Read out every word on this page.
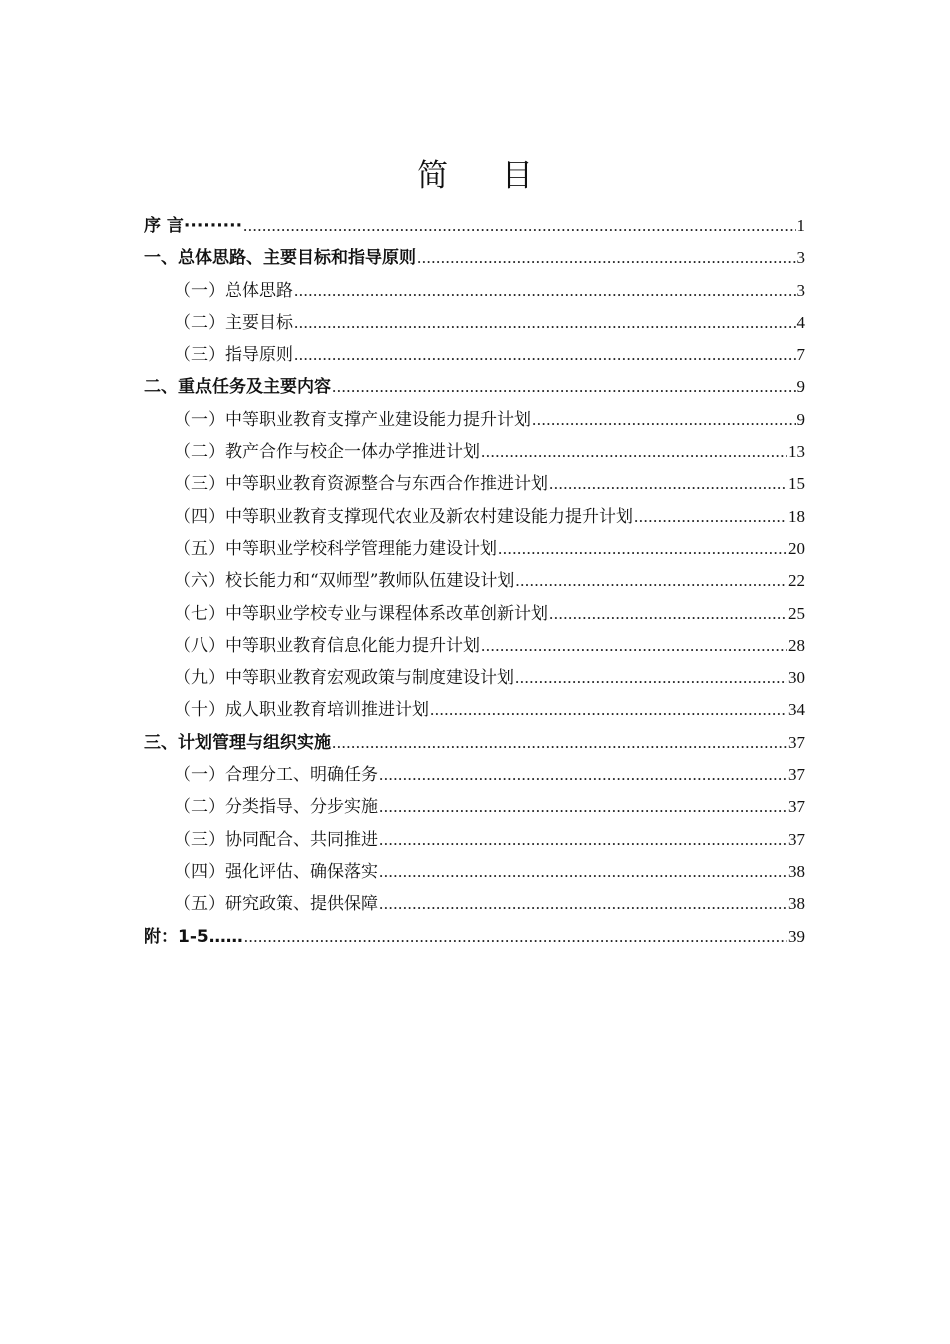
简 目
序 言········· .....	1
一、总体思路、主要目标和指导原则 .....	3
（一）总体思路 .....	3
（二）主要目标 .....	4
（三）指导原则 .....	7
二、重点任务及主要内容 .....	9
（一）中等职业教育支撑产业建设能力提升计划 .....	9
（二）教产合作与校企一体办学推进计划 .....	13
（三）中等职业教育资源整合与东西合作推进计划 .....	15
（四）中等职业教育支撑现代农业及新农村建设能力提升计划 .....	18
（五）中等职业学校科学管理能力建设计划 .....	20
（六）校长能力和“双师型”教师队伍建设计划 .....	22
（七）中等职业学校专业与课程体系改革创新计划 .....	25
（八）中等职业教育信息化能力提升计划 .....	28
（九）中等职业教育宏观政策与制度建设计划 .....	30
（十）成人职业教育培训推进计划 .....	34
三、计划管理与组织实施 .....	37
（一）合理分工、明确任务 .....	37
（二）分类指导、分步实施 .....	37
（三）协同配合、共同推进 .....	37
（四）强化评估、确保落实 .....	38
（五）研究政策、提供保障 .....	38
附：1-5…… .....	39
